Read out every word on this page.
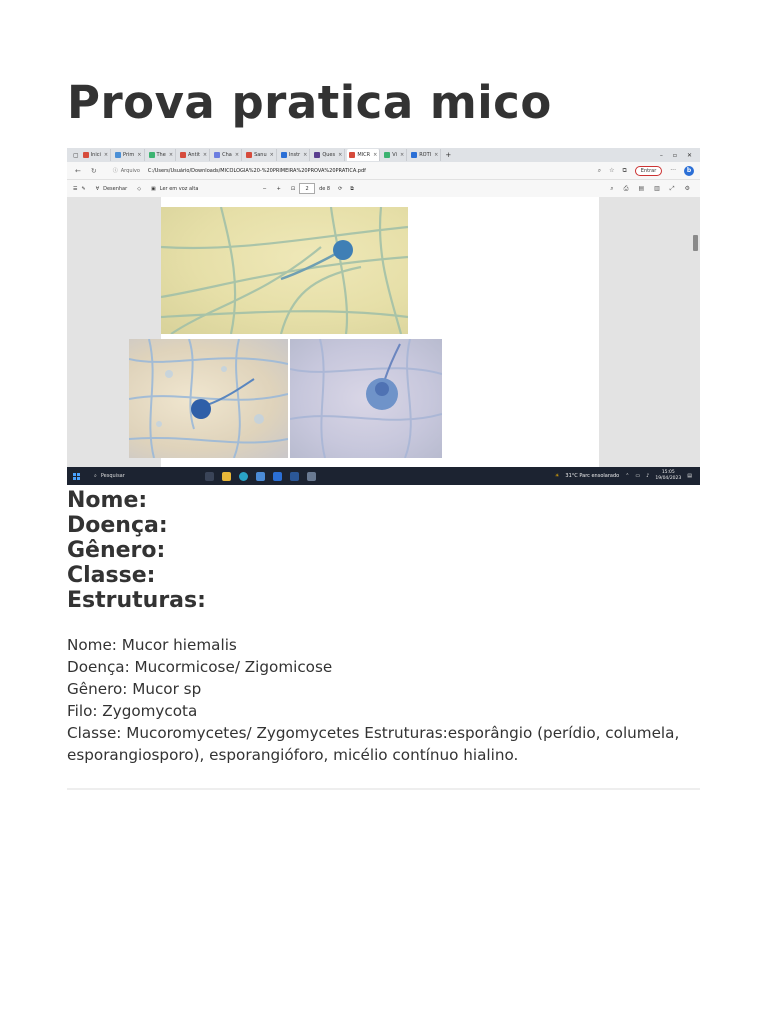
Prova pratica mico
▢ Inici ×	Prim ×	The ×	Antit ×	Cha ×	Sanu ×	Instr ×	Ques ×	MICR ×	Vi ×	ROTI × +	– ▫ ✕
← ↻	ⓘ Arquivo C:/Users/Usuário/Downloads/MICOLOGIA%20-%20PRIMEIRA%20PROVA%20PRÁTICA.pdf	⌕ ☆ ⧉	Entrar	···	b
☰ ✎ ∀ Desenhar ◇ ▣ Ler em voz alta	− + ⊡	2	de 8 ⟳ ⧉	⌕ ⎙ ▤ ▥ ⤢ ⚙
⌕ Pesquisar	☀ 31°C Parc ensolarado ⌃ ▭ ♪
15:05
19/04/2023 ▤

Nome:

Doença:

Gênero:

Classe:

Estruturas:

Nome: Mucor hiemalis

Doença: Mucormicose/ Zigomicose

Gênero: Mucor sp

Filo: Zygomycota

Classe: Mucoromycetes/ Zygomycetes Estruturas:esporângio (perídio, columela, esporangiosporo), esporangióforo, micélio contínuo hialino.
